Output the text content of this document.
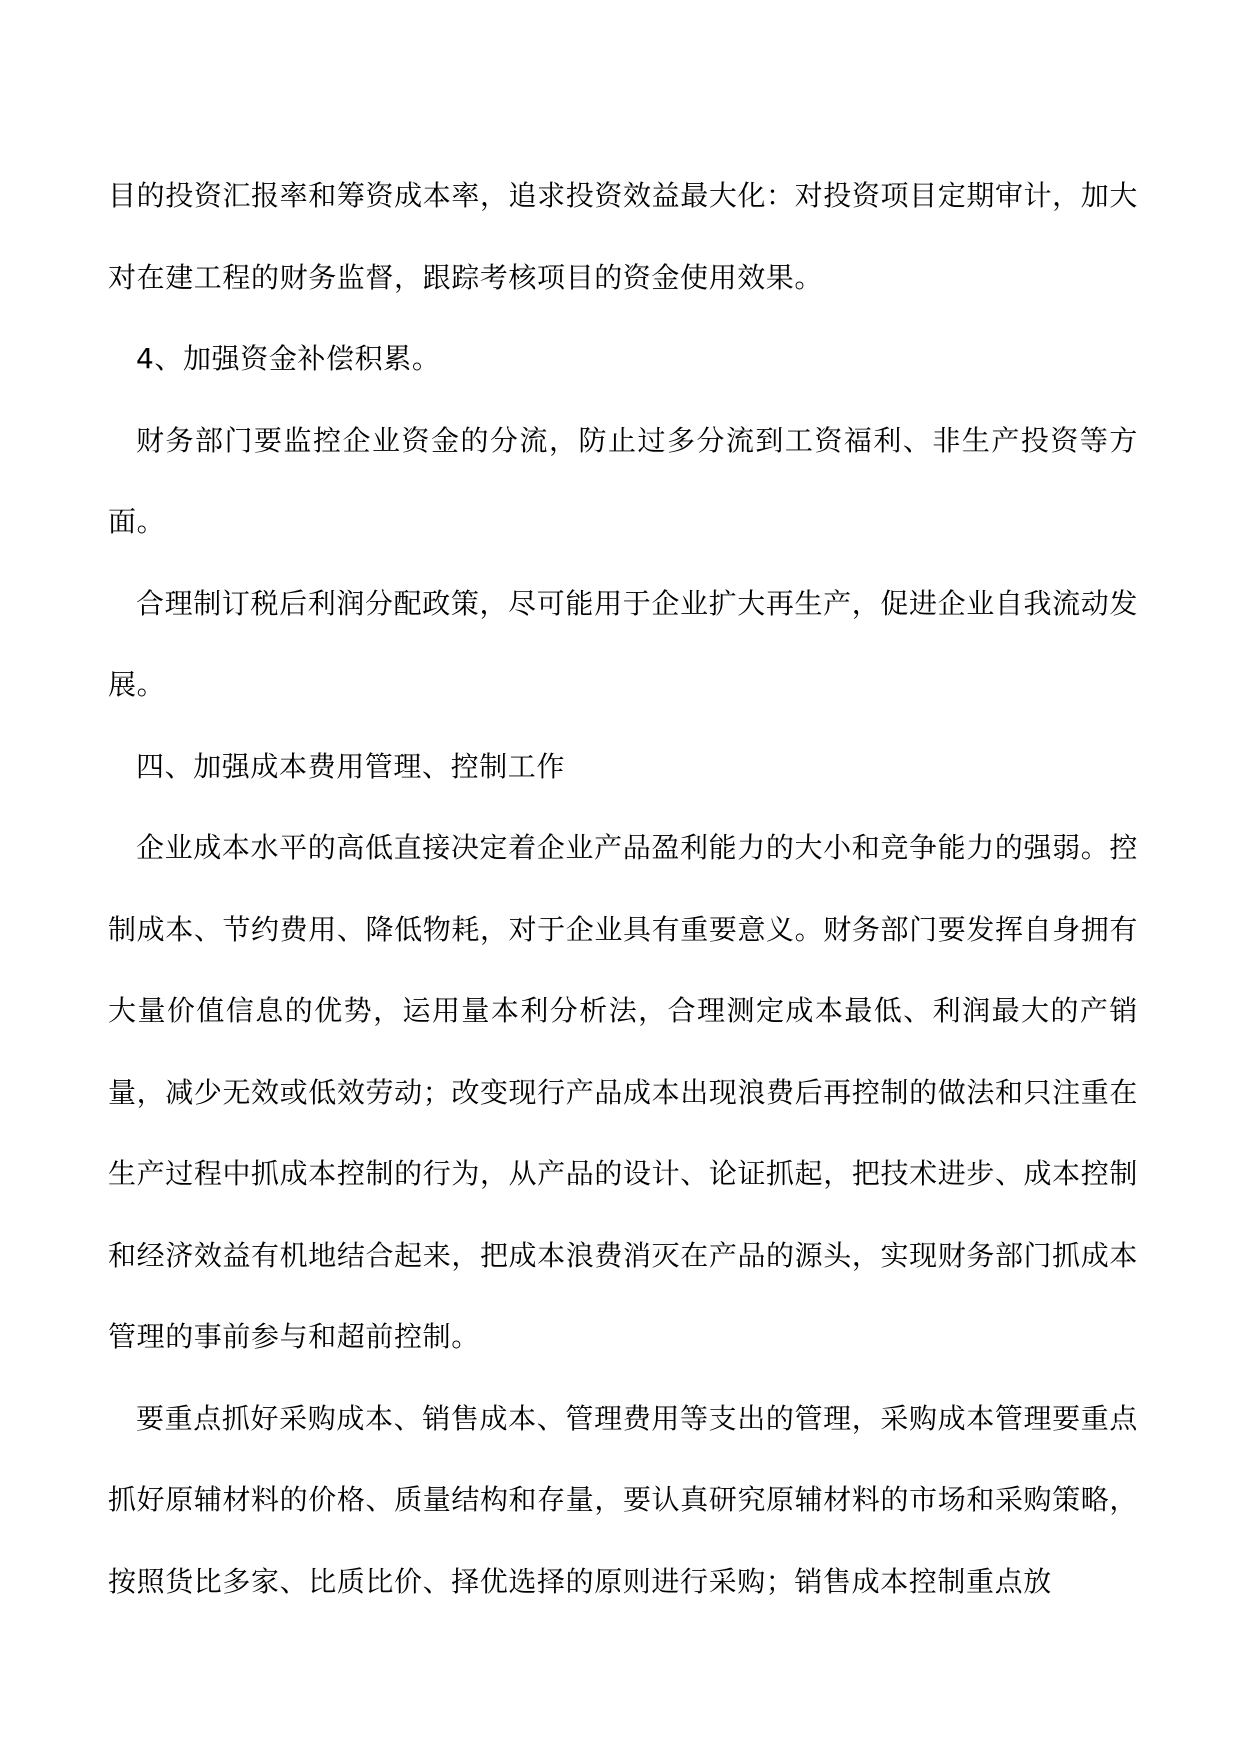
目的投资汇报率和筹资成本率，追求投资效益最大化：对投资项目定期审计，加大对在建工程的财务监督，跟踪考核项目的资金使用效果。

4、加强资金补偿积累。

财务部门要监控企业资金的分流，防止过多分流到工资福利、非生产投资等方面。

合理制订税后利润分配政策，尽可能用于企业扩大再生产，促进企业自我流动发展。

四、加强成本费用管理、控制工作

企业成本水平的高低直接决定着企业产品盈利能力的大小和竞争能力的强弱。控制成本、节约费用、降低物耗，对于企业具有重要意义。财务部门要发挥自身拥有大量价值信息的优势，运用量本利分析法，合理测定成本最低、利润最大的产销量，减少无效或低效劳动；改变现行产品成本出现浪费后再控制的做法和只注重在生产过程中抓成本控制的行为，从产品的设计、论证抓起，把技术进步、成本控制和经济效益有机地结合起来，把成本浪费消灭在产品的源头，实现财务部门抓成本管理的事前参与和超前控制。

要重点抓好采购成本、销售成本、管理费用等支出的管理，采购成本管理要重点抓好原辅材料的价格、质量结构和存量，要认真研究原辅材料的市场和采购策略，按照货比多家、比质比价、择优选择的原则进行采购；销售成本控制重点放
